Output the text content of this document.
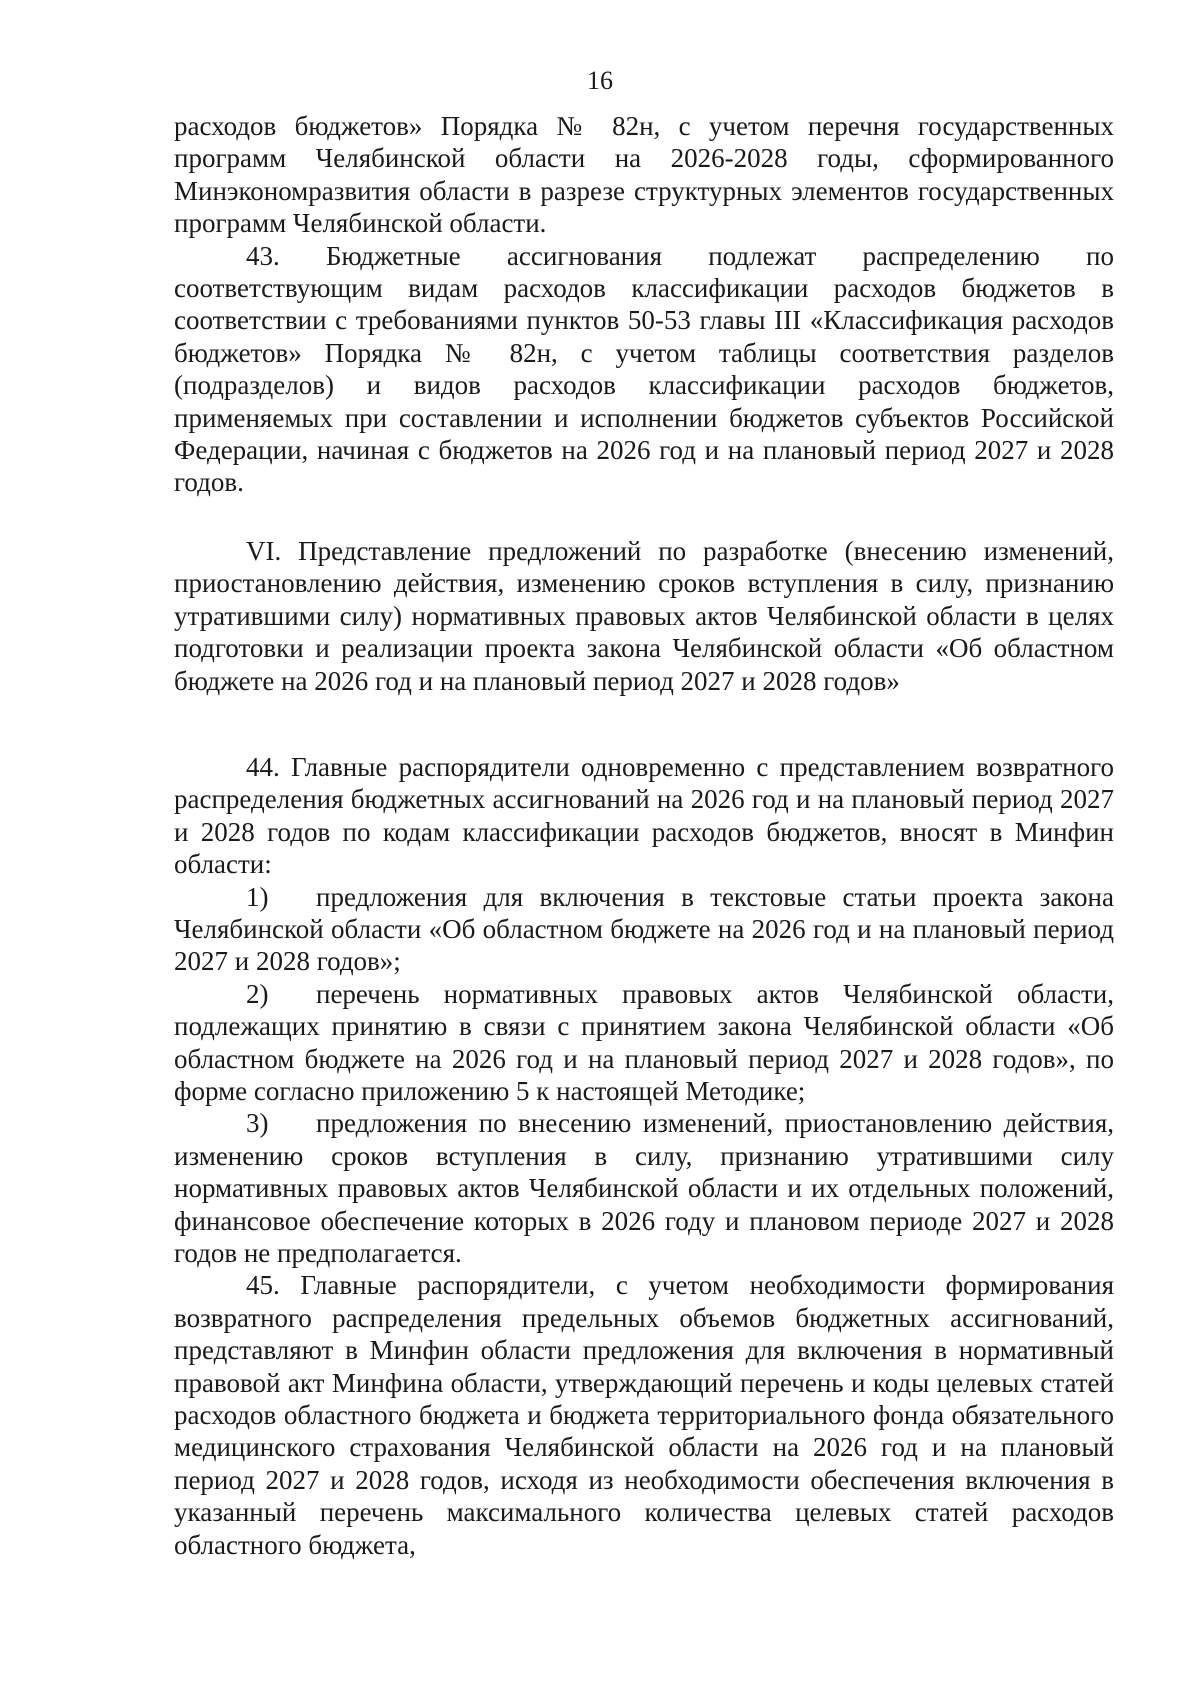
16

расходов бюджетов» Порядка № 82н, с учетом перечня государственных программ Челябинской области на 2026-2028 годы, сформированного Минэкономразвития области в разрезе структурных элементов государственных программ Челябинской области.

43. Бюджетные ассигнования подлежат распределению по соответствующим видам расходов классификации расходов бюджетов в соответствии с требованиями пунктов 50-53 главы III «Классификация расходов бюджетов» Порядка № 82н, с учетом таблицы соответствия разделов (подразделов) и видов расходов классификации расходов бюджетов, применяемых при составлении и исполнении бюджетов субъектов Российской Федерации, начиная с бюджетов на 2026 год и на плановый период 2027 и 2028 годов.

VI. Представление предложений по разработке (внесению изменений, приостановлению действия, изменению сроков вступления в силу, признанию утратившими силу) нормативных правовых актов Челябинской области в целях подготовки и реализации проекта закона Челябинской области «Об областном бюджете на 2026 год и на плановый период 2027 и 2028 годов»

44. Главные распорядители одновременно с представлением возвратного распределения бюджетных ассигнований на 2026 год и на плановый период 2027 и 2028 годов по кодам классификации расходов бюджетов, вносят в Минфин области:

1) предложения для включения в текстовые статьи проекта закона Челябинской области «Об областном бюджете на 2026 год и на плановый период 2027 и 2028 годов»;

2) перечень нормативных правовых актов Челябинской области, подлежащих принятию в связи с принятием закона Челябинской области «Об областном бюджете на 2026 год и на плановый период 2027 и 2028 годов», по форме согласно приложению 5 к настоящей Методике;

3) предложения по внесению изменений, приостановлению действия, изменению сроков вступления в силу, признанию утратившими силу нормативных правовых актов Челябинской области и их отдельных положений, финансовое обеспечение которых в 2026 году и плановом периоде 2027 и 2028 годов не предполагается.

45. Главные распорядители, с учетом необходимости формирования возвратного распределения предельных объемов бюджетных ассигнований, представляют в Минфин области предложения для включения в нормативный правовой акт Минфина области, утверждающий перечень и коды целевых статей расходов областного бюджета и бюджета территориального фонда обязательного медицинского страхования Челябинской области на 2026 год и на плановый период 2027 и 2028 годов, исходя из необходимости обеспечения включения в указанный перечень максимального количества целевых статей расходов областного бюджета,
